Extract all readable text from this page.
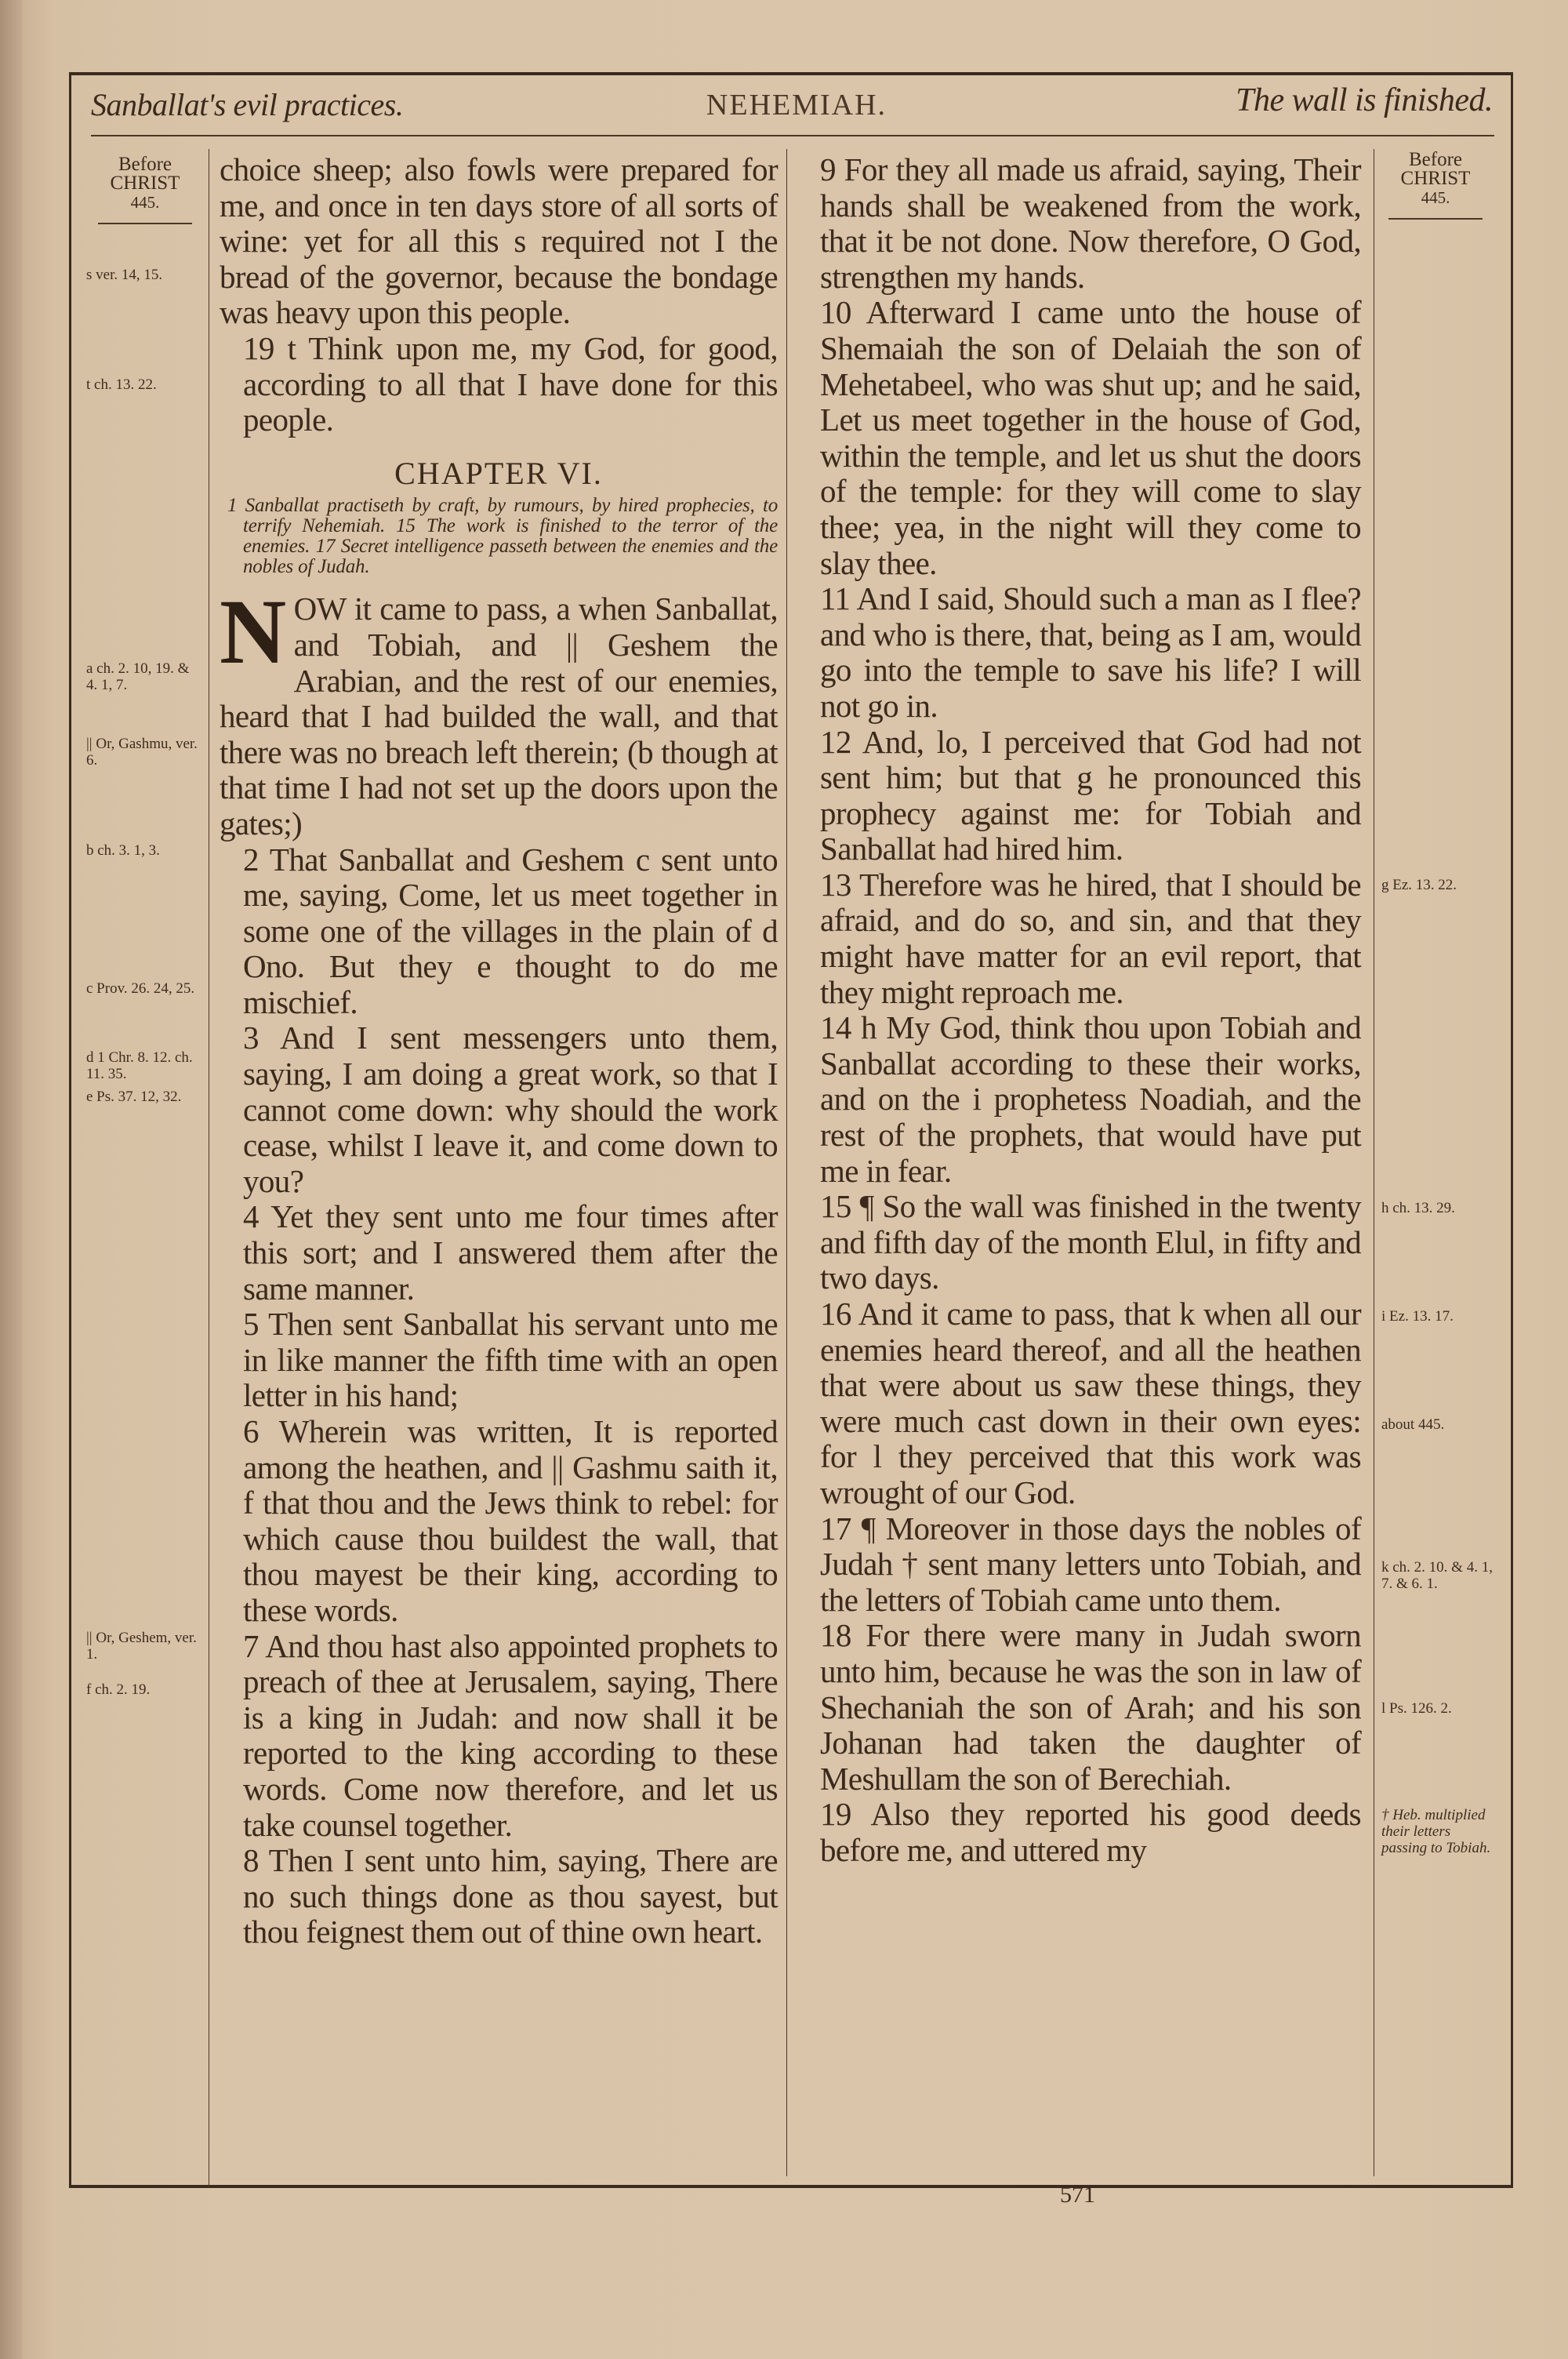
Sanballat's evil practices.	NEHEMIAH.	The wall is finished.
Before
CHRIST
445.
s ver. 14, 15.
t ch. 13. 22.
a ch. 2. 10, 19. & 4. 1, 7.
|| Or, Gashmu, ver. 6.
b ch. 3. 1, 3.
c Prov. 26. 24, 25.
d 1 Chr. 8. 12. ch. 11. 35.
e Ps. 37. 12, 32.
|| Or, Geshem, ver. 1.
f ch. 2. 19.

choice sheep; also fowls were prepared for me, and once in ten days store of all sorts of wine: yet for all this s required not I the bread of the governor, because the bondage was heavy upon this people.

19 t Think upon me, my God, for good, according to all that I have done for this people.

CHAPTER VI.
1 Sanballat practiseth by craft, by rumours, by hired prophecies, to terrify Nehemiah. 15 The work is finished to the terror of the enemies. 17 Secret intelligence passeth between the enemies and the nobles of Judah.

NOW it came to pass, a when Sanballat, and Tobiah, and || Geshem the Arabian, and the rest of our enemies, heard that I had builded the wall, and that there was no breach left therein; (b though at that time I had not set up the doors upon the gates;)

2 That Sanballat and Geshem c sent unto me, saying, Come, let us meet together in some one of the villages in the plain of d Ono. But they e thought to do me mischief.

3 And I sent messengers unto them, saying, I am doing a great work, so that I cannot come down: why should the work cease, whilst I leave it, and come down to you?

4 Yet they sent unto me four times after this sort; and I answered them after the same manner.

5 Then sent Sanballat his servant unto me in like manner the fifth time with an open letter in his hand;

6 Wherein was written, It is reported among the heathen, and || Gashmu saith it, f that thou and the Jews think to rebel: for which cause thou buildest the wall, that thou mayest be their king, according to these words.

7 And thou hast also appointed prophets to preach of thee at Jerusalem, saying, There is a king in Judah: and now shall it be reported to the king according to these words. Come now therefore, and let us take counsel together.

8 Then I sent unto him, saying, There are no such things done as thou sayest, but thou feignest them out of thine own heart.

9 For they all made us afraid, saying, Their hands shall be weakened from the work, that it be not done. Now therefore, O God, strengthen my hands.

10 Afterward I came unto the house of Shemaiah the son of Delaiah the son of Mehetabeel, who was shut up; and he said, Let us meet together in the house of God, within the temple, and let us shut the doors of the temple: for they will come to slay thee; yea, in the night will they come to slay thee.

11 And I said, Should such a man as I flee? and who is there, that, being as I am, would go into the temple to save his life? I will not go in.

12 And, lo, I perceived that God had not sent him; but that g he pronounced this prophecy against me: for Tobiah and Sanballat had hired him.

13 Therefore was he hired, that I should be afraid, and do so, and sin, and that they might have matter for an evil report, that they might reproach me.

14 h My God, think thou upon Tobiah and Sanballat according to these their works, and on the i prophetess Noadiah, and the rest of the prophets, that would have put me in fear.

15 ¶ So the wall was finished in the twenty and fifth day of the month Elul, in fifty and two days.

16 And it came to pass, that k when all our enemies heard thereof, and all the heathen that were about us saw these things, they were much cast down in their own eyes: for l they perceived that this work was wrought of our God.

17 ¶ Moreover in those days the nobles of Judah † sent many letters unto Tobiah, and the letters of Tobiah came unto them.

18 For there were many in Judah sworn unto him, because he was the son in law of Shechaniah the son of Arah; and his son Johanan had taken the daughter of Meshullam the son of Berechiah.

19 Also they reported his good deeds before me, and uttered my

Before
CHRIST
445.
g Ez. 13. 22.
h ch. 13. 29.
i Ez. 13. 17.
about 445.
k ch. 2. 10. & 4. 1, 7. & 6. 1.
l Ps. 126. 2.
† Heb. multiplied their letters passing to Tobiah.
571
